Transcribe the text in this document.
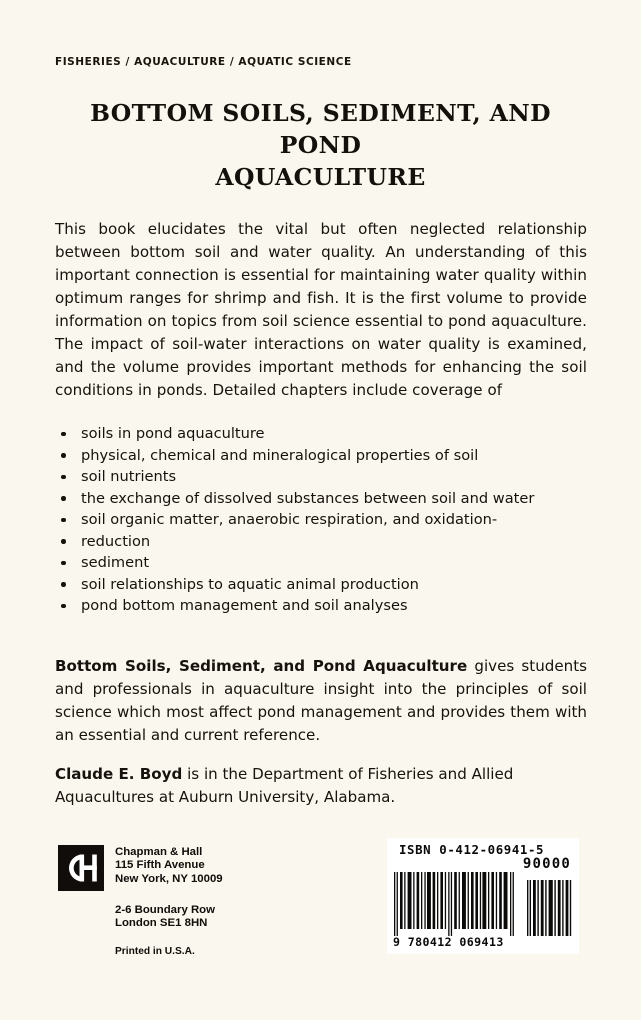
FISHERIES / AQUACULTURE / AQUATIC SCIENCE
BOTTOM SOILS, SEDIMENT, AND POND
AQUACULTURE

This book elucidates the vital but often neglected relationship between bottom soil and water quality. An understanding of this important connection is essential for maintaining water quality within optimum ranges for shrimp and fish. It is the first volume to provide information on topics from soil science essential to pond aquaculture. The impact of soil-water interactions on water quality is examined, and the volume provides important methods for enhancing the soil conditions in ponds. Detailed chapters include coverage of

soils in pond aquaculture
physical, chemical and mineralogical properties of soil
soil nutrients
the exchange of dissolved substances between soil and water
soil organic matter, anaerobic respiration, and oxidation-
reduction
sediment
soil relationships to aquatic animal production
pond bottom management and soil analyses

Bottom Soils, Sediment, and Pond Aquaculture gives students and professionals in aquaculture insight into the principles of soil science which most affect pond management and provides them with an essential and current reference.

Claude E. Boyd is in the Department of Fisheries and Allied Aquacultures at Auburn University, Alabama.

Chapman & Hall
115 Fifth Avenue
New York, NY 10009
2-6 Boundary Row
London SE1 8HN
Printed in U.S.A.
ISBN 0-412-06941-5
90000
9 780412 069413
